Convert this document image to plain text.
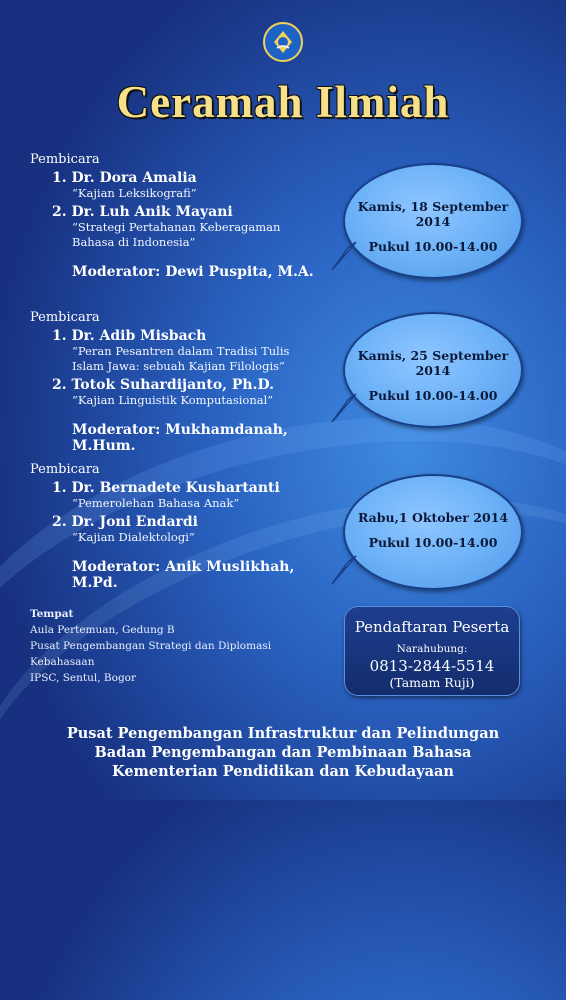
Ceramah Ilmiah
Pembicara
1. Dr. Dora Amalia
“Kajian Leksikografi”
2. Dr. Luh Anik Mayani
“Strategi Pertahanan Keberagaman Bahasa di Indonesia”
Moderator: Dewi Puspita, M.A.
Kamis, 18 September 2014
Pukul 10.00-14.00
Pembicara
1. Dr. Adib Misbach
“Peran Pesantren dalam Tradisi Tulis Islam Jawa: sebuah Kajian Filologis”
2. Totok Suhardijanto, Ph.D.
“Kajian Linguistik Komputasional”
Moderator: Mukhamdanah, M.Hum.
Kamis, 25 September 2014
Pukul 10.00-14.00
Pembicara
1. Dr. Bernadete Kushartanti
“Pemerolehan Bahasa Anak”
2. Dr. Joni Endardi
“Kajian Dialektologi”
Moderator: Anik Muslikhah, M.Pd.
Rabu,1 Oktober 2014
Pukul 10.00-14.00
Tempat
Aula Pertemuan, Gedung B
Pusat Pengembangan Strategi dan Diplomasi Kebahasaan
IPSC, Sentul, Bogor
Pendaftaran Peserta
Narahubung:
0813-2844-5514
(Tamam Ruji)
Pusat Pengembangan Infrastruktur dan Pelindungan
Badan Pengembangan dan Pembinaan Bahasa
Kementerian Pendidikan dan Kebudayaan
